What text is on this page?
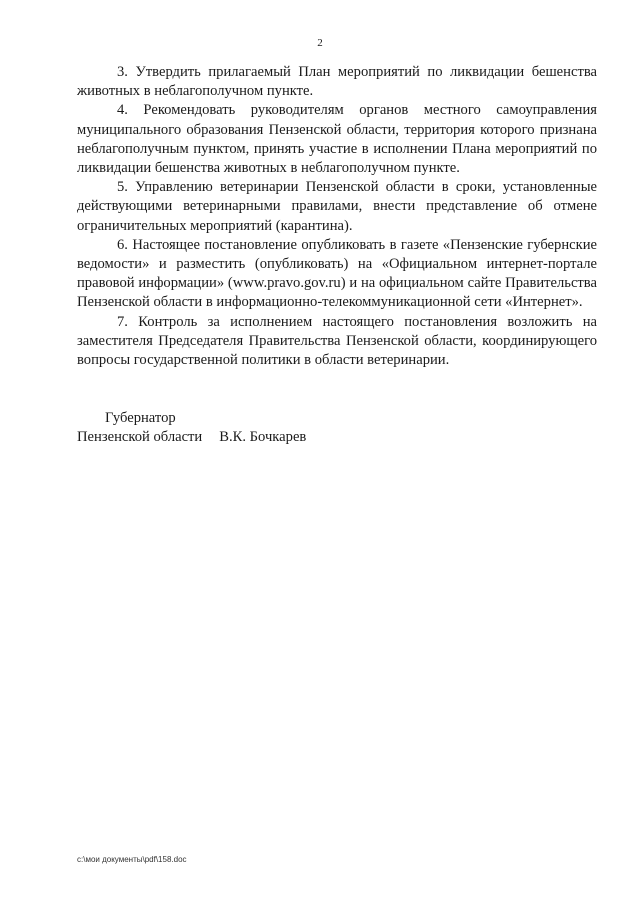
2

3. Утвердить прилагаемый План мероприятий по ликвидации бешенства животных в неблагополучном пункте.

4. Рекомендовать руководителям органов местного самоуправления муниципального образования Пензенской области, территория которого признана неблагополучным пунктом, принять участие в исполнении Плана мероприятий по ликвидации бешенства животных в неблагополучном пункте.

5. Управлению ветеринарии Пензенской области в сроки, установленные действующими ветеринарными правилами, внести представление об отмене ограничительных мероприятий (карантина).

6. Настоящее постановление опубликовать в газете «Пензенские губернские ведомости» и разместить (опубликовать) на «Официальном интернет-портале правовой информации» (www.pravo.gov.ru) и на официальном сайте Правительства Пензенской области в информационно-телекоммуникационной сети «Интернет».

7. Контроль за исполнением настоящего постановления возложить на заместителя Председателя Правительства Пензенской области, координирующего вопросы государственной политики в области ветеринарии.

Губернатор
Пензенской области В.К. Бочкарев
c:\мои документы\pdf\158.doc
